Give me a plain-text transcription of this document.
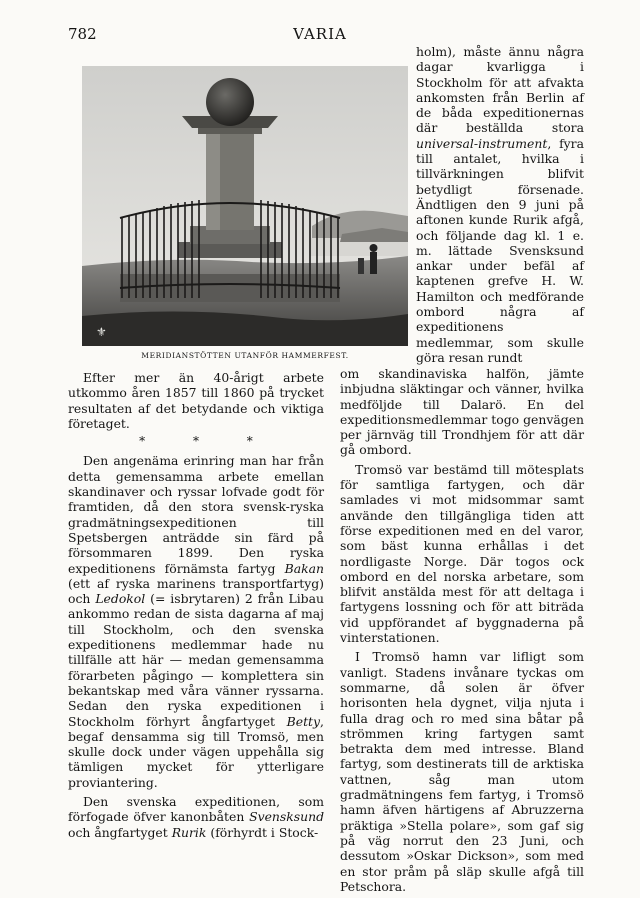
782	VARIA
⚜
MERIDIANSTÖTTEN UTANFÖR HAMMERFEST.

holm), måste ännu några dagar kvarligga i Stockholm för att afvakta ankomsten från Berlin af de båda expeditionernas där beställda stora universal-instrument, fyra till antalet, hvilka i tillvärkningen blifvit betydligt försenade. Ändtligen den 9 juni på aftonen kunde Rurik afgå, och följande dag kl. 1 e. m. lättade Svensksund ankar under befäl af kaptenen grefve H. W. Hamilton och medförande ombord några af expeditionens medlemmar, som skulle göra resan rundt

Efter mer än 40-årigt arbete utkommo åren 1857 till 1860 på trycket resultaten af det betydande och viktiga företaget.

* * *

Den angenäma erinring man har från detta gemensamma arbete emellan skandinaver och ryssar lofvade godt för framtiden, då den stora svensk-ryska gradmätningsexpeditionen till Spetsbergen anträdde sin färd på försommaren 1899. Den ryska expeditionens förnämsta fartyg Bakan (ett af ryska marinens transportfartyg) och Ledokol (= isbrytaren) 2 från Libau ankommo redan de sista dagarna af maj till Stockholm, och den svenska expeditionens medlemmar hade nu tillfälle att här — medan gemensamma förarbeten pågingo — komplettera sin bekantskap med våra vänner ryssarna. Sedan den ryska expeditionen i Stockholm förhyrt ångfartyget Betty, begaf densamma sig till Tromsö, men skulle dock under vägen uppehålla sig tämligen mycket för ytterligare proviantering.

Den svenska expeditionen, som förfogade öfver kanonbåten Svensksund och ångfartyget Rurik (förhyrdt i Stock-

om skandinaviska halfön, jämte inbjudna släktingar och vänner, hvilka medföljde till Dalarö. En del expeditionsmedlemmar togo genvägen per järnväg till Trondhjem för att där gå ombord.

Tromsö var bestämd till mötesplats för samtliga fartygen, och där samlades vi mot midsommar samt använde den tillgängliga tiden att förse expeditionen med en del varor, som bäst kunna erhållas i det nordligaste Norge. Där togos ock ombord en del norska arbetare, som blifvit anstälda mest för att deltaga i fartygens lossning och för att biträda vid uppförandet af byggnaderna på vinterstationen.

I Tromsö hamn var lifligt som vanligt. Stadens invånare tyckas om sommarne, då solen är öfver horisonten hela dygnet, vilja njuta i fulla drag och ro med sina båtar på strömmen kring fartygen samt betrakta dem med intresse. Bland fartyg, som destinerats till de arktiska vattnen, såg man utom gradmätningens fem fartyg, i Tromsö hamn äfven härtigens af Abruzzerna präktiga »Stella polare», som gaf sig på väg norrut den 23 Juni, och dessutom »Oskar Dickson», som med en stor pråm på släp skulle afgå till Petschora.
